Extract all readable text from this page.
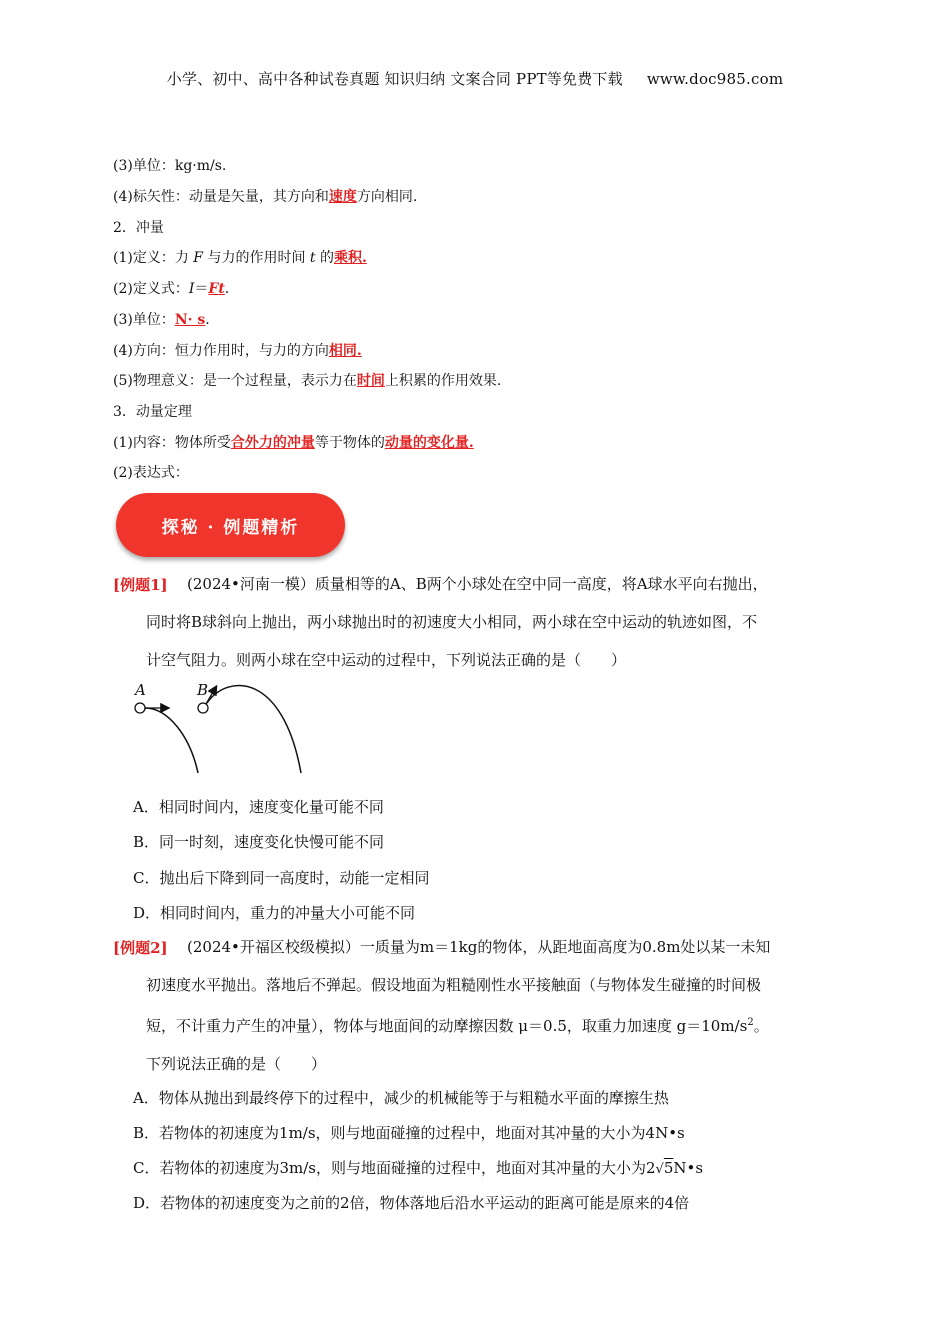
小学、初中、高中各种试卷真题 知识归纳 文案合同 PPT等免费下载 www.doc985.com
(3)单位：kg·m/s.
(4)标矢性：动量是矢量，其方向和速度方向相同.
2．冲量
(1)定义：力 F 与力的作用时间 t 的乘积.
(2)定义式：I＝Ft.
(3)单位：N· s.
(4)方向：恒力作用时，与力的方向相同.
(5)物理意义：是一个过程量，表示力在时间上积累的作用效果.
3．动量定理
(1)内容：物体所受合外力的冲量等于物体的动量的变化量.
(2)表达式：
探秘 · 例题精析
[例题1] (2024•河南一模）质量相等的A、B两个小球处在空中同一高度，将A球水平向右抛出，
同时将B球斜向上抛出，两小球抛出时的初速度大小相同，两小球在空中运动的轨迹如图，不
计空气阻力。则两小球在空中运动的过程中，下列说法正确的是（　　）
A	B
A．相同时间内，速度变化量可能不同
B．同一时刻，速度变化快慢可能不同
C．抛出后下降到同一高度时，动能一定相同
D．相同时间内，重力的冲量大小可能不同
[例题2] (2024•开福区校级模拟）一质量为m＝1kg的物体，从距地面高度为0.8m处以某一未知
初速度水平抛出。落地后不弹起。假设地面为粗糙刚性水平接触面（与物体发生碰撞的时间极
短，不计重力产生的冲量），物体与地面间的动摩擦因数 μ＝0.5，取重力加速度 $g=10m/s^2$。
下列说法正确的是（　　）
A．物体从抛出到最终停下的过程中，减少的机械能等于与粗糙水平面的摩擦生热
B．若物体的初速度为1m/s，则与地面碰撞的过程中，地面对其冲量的大小为4N•s
C．若物体的初速度为3m/s，则与地面碰撞的过程中，地面对其冲量的大小为2√5N•s
D．若物体的初速度变为之前的2倍，物体落地后沿水平运动的距离可能是原来的4倍
